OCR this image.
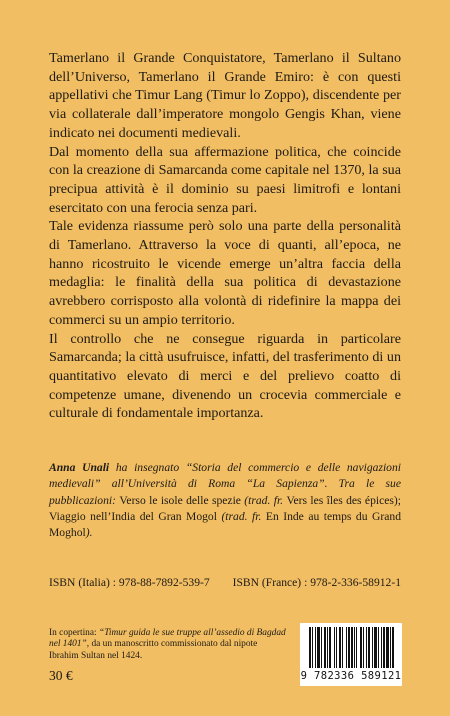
Tamerlano il Grande Conquistatore, Tamerlano il Sultano dell’Universo, Tamerlano il Grande Emiro: è con questi appellativi che Timur Lang (Timur lo Zoppo), discendente per via collaterale dall’imperatore mongolo Gengis Khan, viene indicato nei documenti medievali.

Dal momento della sua affermazione politica, che coincide con la creazione di Samarcanda come capitale nel 1370, la sua precipua attività è il dominio su paesi limitrofi e lontani esercitato con una ferocia senza pari.

Tale evidenza riassume però solo una parte della personalità di Tamerlano. Attraverso la voce di quanti, all’epoca, ne hanno ricostruito le vicende emerge un’altra faccia della medaglia: le finalità della sua politica di devastazione avrebbero corrisposto alla volontà di ridefinire la mappa dei commerci su un ampio territorio.

Il controllo che ne consegue riguarda in particolare Samarcanda; la città usufruisce, infatti, del trasferimento di un quantitativo elevato di merci e del prelievo coatto di competenze umane, divenendo un crocevia commerciale e culturale di fondamentale importanza.

Anna Unali ha insegnato “Storia del commercio e delle navigazioni medievali” all’Università di Roma “La Sapienza”. Tra le sue pubblicazioni: Verso le isole delle spezie (trad. fr. Vers les îles des épices); Viaggio nell’India del Gran Mogol (trad. fr. En Inde au temps du Grand Moghol).
ISBN (Italia) : 978-88-7892-539-7 ISBN (France) : 978-2-336-58912-1
In copertina: “Timur guida le sue truppe all’assedio di Bagdad nel 1401”, da un manoscritto commissionato dal nipote Ibrahim Sultan nel 1424.
30 €	9 782336 589121
